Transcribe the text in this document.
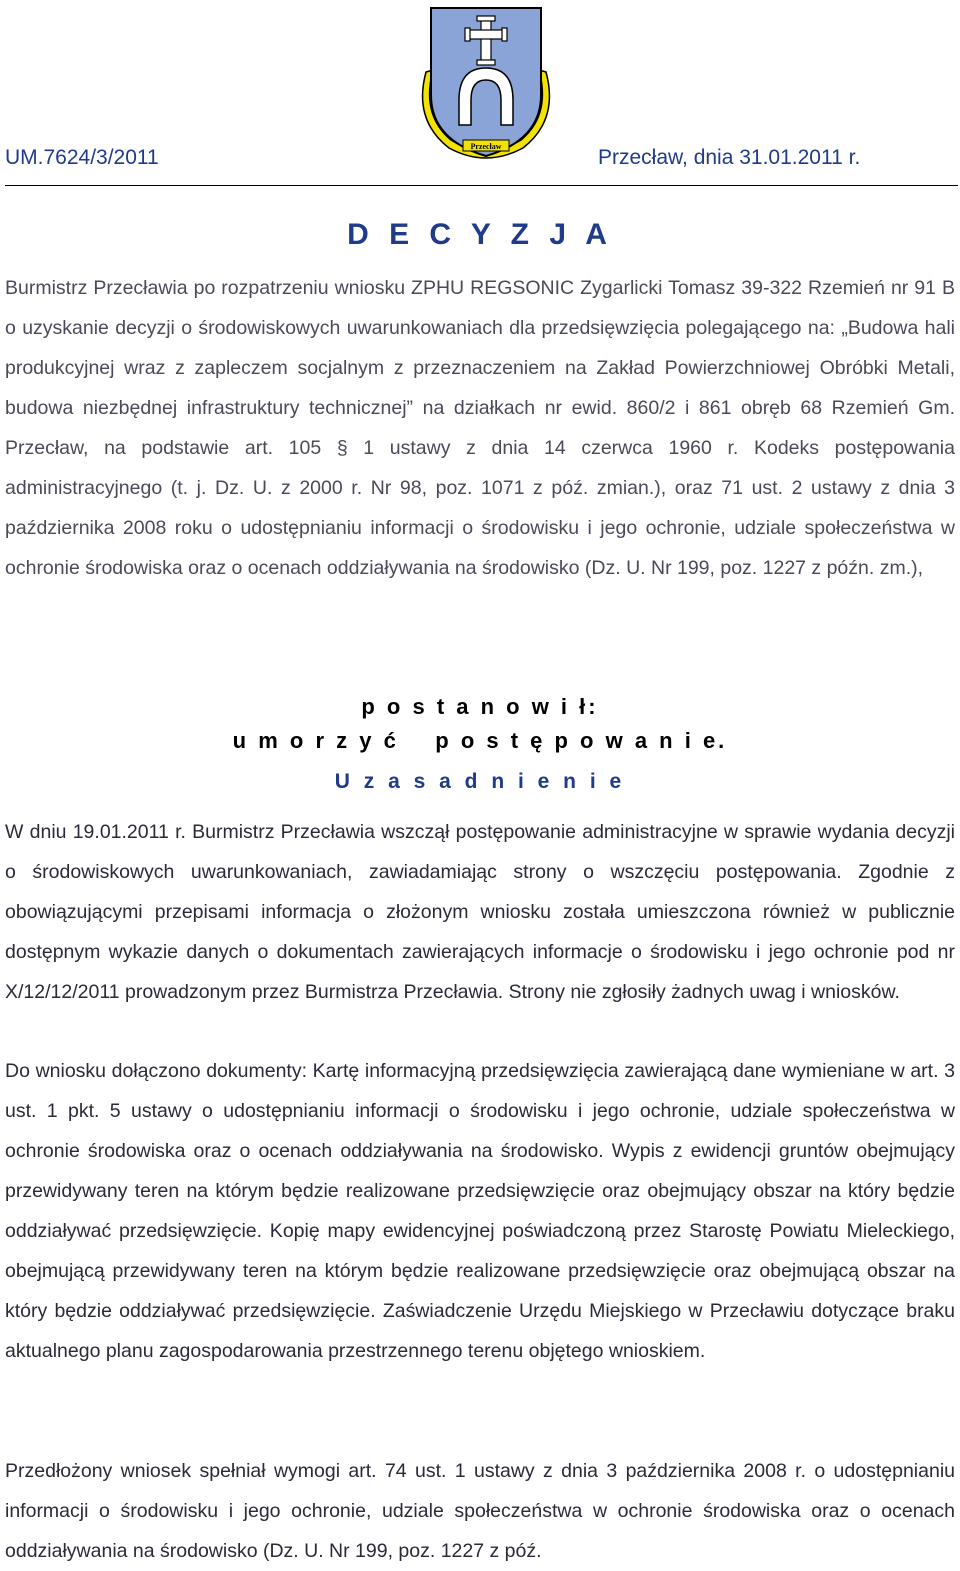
Przecław
UM.7624/3/2011	Przecław, dnia 31.01.2011 r.
D E C Y Z J A

Burmistrz Przecławia po rozpatrzeniu wniosku ZPHU REGSONIC Zygarlicki Tomasz 39-322 Rzemień nr 91 B o uzyskanie decyzji o środowiskowych uwarunkowaniach dla przedsięwzięcia polegającego na: „Budowa hali produkcyjnej wraz z zapleczem socjalnym z przeznaczeniem na Zakład Powierzchniowej Obróbki Metali, budowa niezbędnej infrastruktury technicznej” na działkach nr ewid. 860/2 i 861 obręb 68 Rzemień Gm. Przecław, na podstawie art. 105 § 1 ustawy z dnia 14 czerwca 1960 r. Kodeks postępowania administracyjnego (t. j. Dz. U. z 2000 r. Nr 98, poz. 1071 z póź. zmian.), oraz 71 ust. 2 ustawy z dnia 3 października 2008 roku o udostępnianiu informacji o środowisku i jego ochronie, udziale społeczeństwa w ochronie środowiska oraz o ocenach oddziaływania na środowisko (Dz. U. Nr 199, poz. 1227 z późn. zm.),

p o s t a n o w i ł:
u m o r z y ć    p o s t ę p o w a n i e.
U z a s a d n i e n i e

W dniu 19.01.2011 r. Burmistrz Przecławia wszczął postępowanie administracyjne w sprawie wydania decyzji o środowiskowych uwarunkowaniach, zawiadamiając strony o wszczęciu postępowania. Zgodnie z obowiązującymi przepisami informacja o złożonym wniosku została umieszczona również w publicznie dostępnym wykazie danych o dokumentach zawierających informacje o środowisku i jego ochronie pod nr X/12/12/2011 prowadzonym przez Burmistrza Przecławia. Strony nie zgłosiły żadnych uwag i wniosków.

Do wniosku dołączono dokumenty: Kartę informacyjną przedsięwzięcia zawierającą dane wymieniane w art. 3 ust. 1 pkt. 5 ustawy o udostępnianiu informacji o środowisku i jego ochronie, udziale społeczeństwa w ochronie środowiska oraz o ocenach oddziaływania na środowisko. Wypis z ewidencji gruntów obejmujący przewidywany teren na którym będzie realizowane przedsięwzięcie oraz obejmujący obszar na który będzie oddziaływać przedsięwzięcie. Kopię mapy ewidencyjnej poświadczoną przez Starostę Powiatu Mieleckiego, obejmującą przewidywany teren na którym będzie realizowane przedsięwzięcie oraz obejmującą obszar na który będzie oddziaływać przedsięwzięcie. Zaświadczenie Urzędu Miejskiego w Przecławiu dotyczące braku aktualnego planu zagospodarowania przestrzennego terenu objętego wnioskiem.

Przedłożony wniosek spełniał wymogi art. 74 ust. 1 ustawy z dnia 3 października 2008 r. o udostępnianiu informacji o środowisku i jego ochronie, udziale społeczeństwa w ochronie środowiska oraz o ocenach oddziaływania na środowisko (Dz. U. Nr 199, poz. 1227 z póź.
